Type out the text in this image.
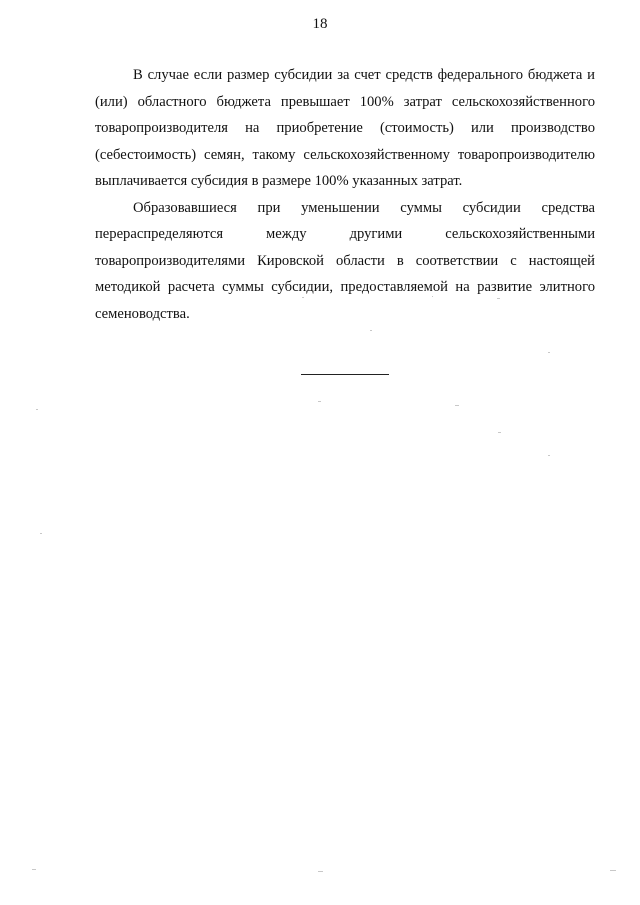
18

В случае если размер субсидии за счет средств федерального бюджета и (или) областного бюджета превышает 100% затрат сельскохозяйственного товаропроизводителя на приобретение (стоимость) или производство (себестоимость) семян, такому сельскохозяйственному товаропроизводителю выплачивается субсидия в размере 100% указанных затрат.

Образовавшиеся при уменьшении суммы субсидии средства перераспределяются между другими сельскохозяйственными товаропроизводителями Кировской области в соответствии с настоящей методикой расчета суммы субсидии, предоставляемой на развитие элитного семеноводства.
